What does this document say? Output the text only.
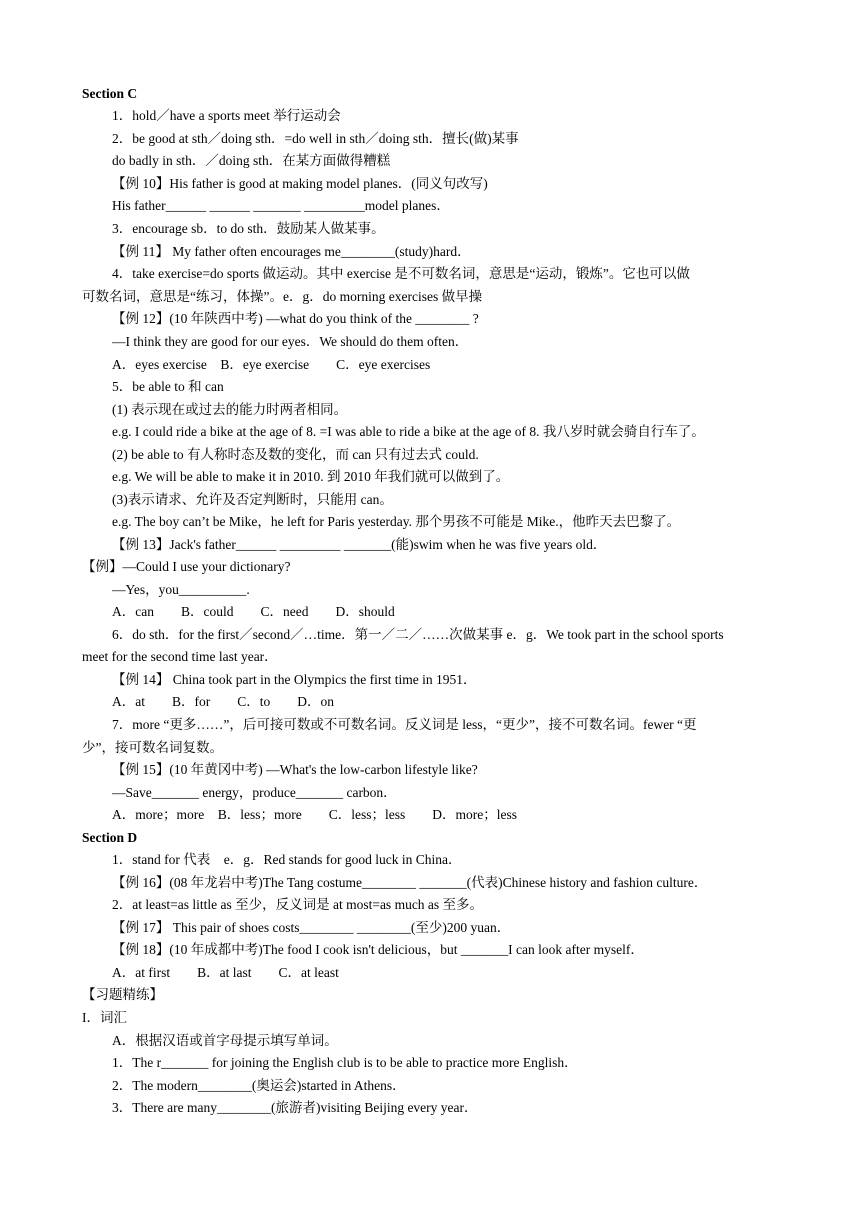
Section C
1．hold／have a sports meet 举行运动会
2．be good at sth／doing sth．=do well in sth／doing sth．擅长(做)某事
do badly in sth．／doing sth．在某方面做得糟糕
【例 10】His father is good at making model planes．(同义句改写)
His father______ ______ _______ _________model planes．
3．encourage sb．to do sth．鼓励某人做某事。
【例 11】 My father often encourages me________(study)hard．
4．take exercise=do sports 做运动。其中 exercise 是不可数名词，意思是“运动，锻炼”。它也可以做
可数名词，意思是“练习，体操”。e．g．do morning exercises 做早操
【例 12】(10 年陕西中考) —what do you think of the ________ ?
—I think they are good for our eyes．We should do them often．
A．eyes exercise　B．eye exercise　　C．eye exercises
5．be able to 和 can
(1) 表示现在或过去的能力时两者相同。
e.g. I could ride a bike at the age of 8. =I was able to ride a bike at the age of 8. 我八岁时就会骑自行车了。
(2) be able to 有人称时态及数的变化，而 can 只有过去式 could.
e.g. We will be able to make it in 2010. 到 2010 年我们就可以做到了。
(3)表示请求、允许及否定判断时，只能用 can。
e.g. The boy can’t be Mike，he left for Paris yesterday. 那个男孩不可能是 Mike.，他昨天去巴黎了。
【例 13】Jack's father______ _________ _______(能)swim when he was five years old．
【例】—Could I use your dictionary?
—Yes，you__________.
A．can　　B．could　　C．need　　D．should
6．do sth．for the first／second／…time．第一／二／……次做某事 e．g．We took part in the school sports
meet for the second time last year．
【例 14】 China took part in the Olympics the first time in 1951．
A．at　　B．for　　C．to　　D．on
7．more “更多……”，后可接可数或不可数名词。反义词是 less，“更少”，接不可数名词。fewer “更
少”，接可数名词复数。
【例 15】(10 年黄冈中考) —What's the low-carbon lifestyle like?
—Save_______ energy，produce_______ carbon．
A．more；more　B．less；more　　C．less；less　　D．more；less
Section D
1．stand for 代表　e．g．Red stands for good luck in China．
【例 16】(08 年龙岩中考)The Tang costume________ _______(代表)Chinese history and fashion culture．
2．at least=as little as 至少，反义词是 at most=as much as 至多。
【例 17】 This pair of shoes costs________ ________(至少)200 yuan．
【例 18】(10 年成都中考)The food I cook isn't delicious，but _______I can look after myself．
A．at first　　B．at last　　C．at least
【习题精练】
I．词汇
A．根据汉语或首字母提示填写单词。
1．The r_______ for joining the English club is to be able to practice more English．
2．The modern________(奥运会)started in Athens．
3．There are many________(旅游者)visiting Beijing every year．
